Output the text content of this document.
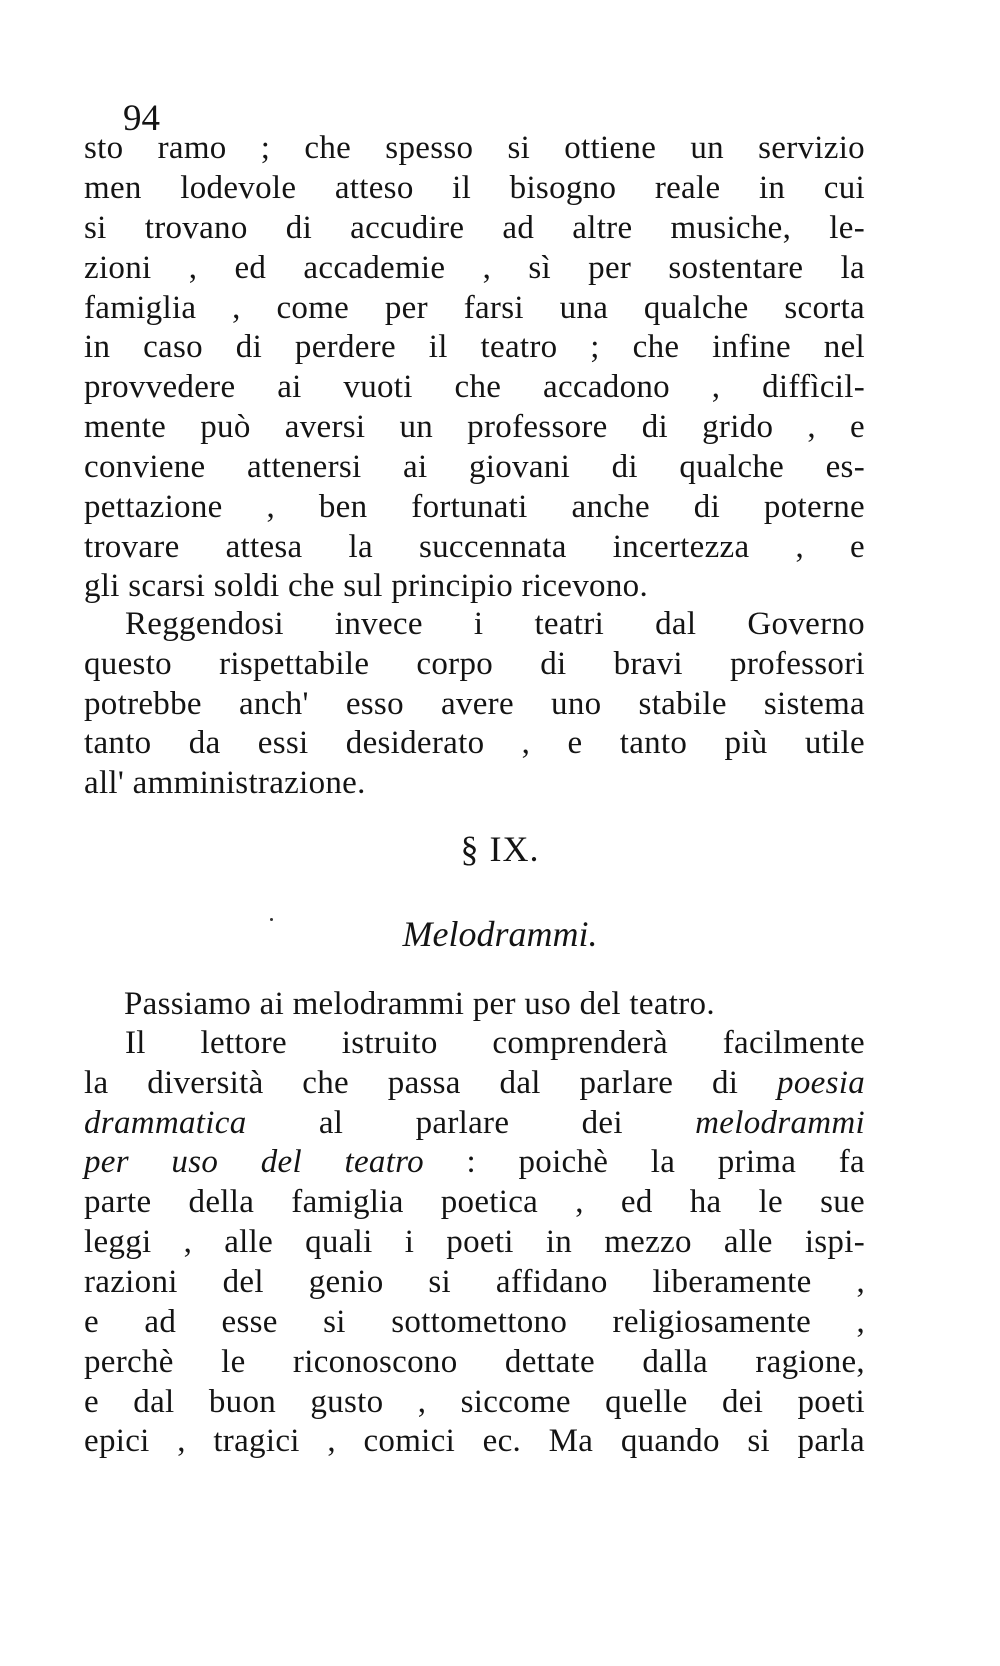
94
sto ramo ; che spesso si ottiene un servizio
men lodevole atteso il bisogno reale in cui
si trovano di accudire ad altre musiche, le-
zioni , ed accademie , sì per sostentare la
famiglia , come per farsi una qualche scorta
in caso di perdere il teatro ; che infine nel
provvedere ai vuoti che accadono , diffìcil-
mente può aversi un professore di grido , e
conviene attenersi ai giovani di qualche es-
pettazione , ben fortunati anche di poterne
trovare attesa la succennata incertezza , e
gli scarsi soldi che sul principio ricevono.
Reggendosi invece i teatri dal Governo
questo rispettabile corpo di bravi professori
potrebbe anch' esso avere uno stabile sistema
tanto da essi desiderato , e tanto più utile
all' amministrazione.
§ IX.
Melodrammi.
Passiamo ai melodrammi per uso del teatro.
Il lettore istruito comprenderà facilmente
la diversità che passa dal parlare di poesia
drammatica al parlare dei melodrammi
per uso del teatro : poichè la prima fa
parte della famiglia poetica , ed ha le sue
leggi , alle quali i poeti in mezzo alle ispi-
razioni del genio si affidano liberamente ,
e ad esse si sottomettono religiosamente ,
perchè le riconoscono dettate dalla ragione,
e dal buon gusto , siccome quelle dei poeti
epici , tragici , comici ec. Ma quando si parla
